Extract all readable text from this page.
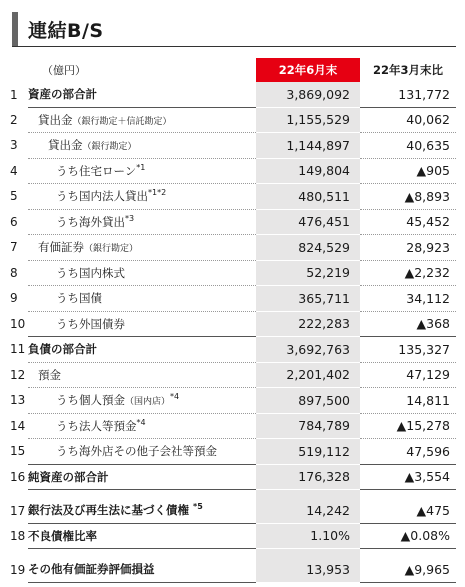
連結B/S
	（億円）	22年6月末	22年3月末比
1	資産の部合計	3,869,092	131,772
2	貸出金（銀行勘定＋信託勘定）	1,155,529	40,062
3	貸出金（銀行勘定）	1,144,897	40,635
4	うち住宅ローン$^{*1}$	149,804	▲905
5	うち国内法人貸出$^{*1*2}$	480,511	▲8,893
6	うち海外貸出$^{*3}$	476,451	45,452
7	有価証券（銀行勘定）	824,529	28,923
8	うち国内株式	52,219	▲2,232
9	うち国債	365,711	34,112
10	うち外国債券	222,283	▲368
11	負債の部合計	3,692,763	135,327
12	預金	2,201,402	47,129
13	うち個人預金（国内店）$^{*4}$	897,500	14,811
14	うち法人等預金$^{*4}$	784,789	▲15,278
15	うち海外店その他子会社等預金	519,112	47,596
16	純資産の部合計	176,328	▲3,554

17	銀行法及び再生法に基づく債権 $^{*5}$	14,242	▲475
18	不良債権比率	1.10%	▲0.08%

19	その他有価証券評価損益	13,953	▲9,965
